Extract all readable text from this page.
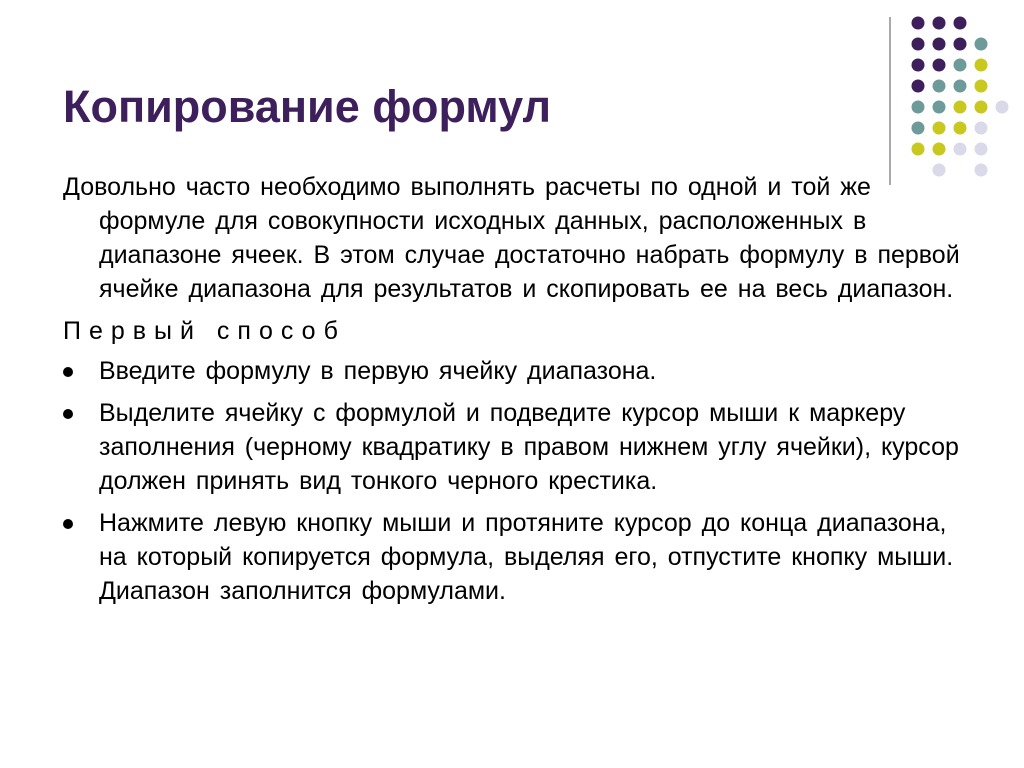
Копирование формул

Довольно часто необходимо выполнять расчеты по одной и той же формуле для совокупности исходных данных, расположенных в диапазоне ячеек. В этом случае достаточно набрать формулу в первой ячейке диапазона для результатов и скопировать ее на весь диапазон.

Первый способ

Введите формулу в первую ячейку диапазона.
Выделите ячейку с формулой и подведите курсор мыши к маркеру заполнения (черному квадратику в правом нижнем углу ячейки), курсор должен принять вид тонкого черного крестика.
Нажмите левую кнопку мыши и протяните курсор до конца диапазона, на который копируется формула, выделяя его, отпустите кнопку мыши. Диапазон заполнится формулами.
